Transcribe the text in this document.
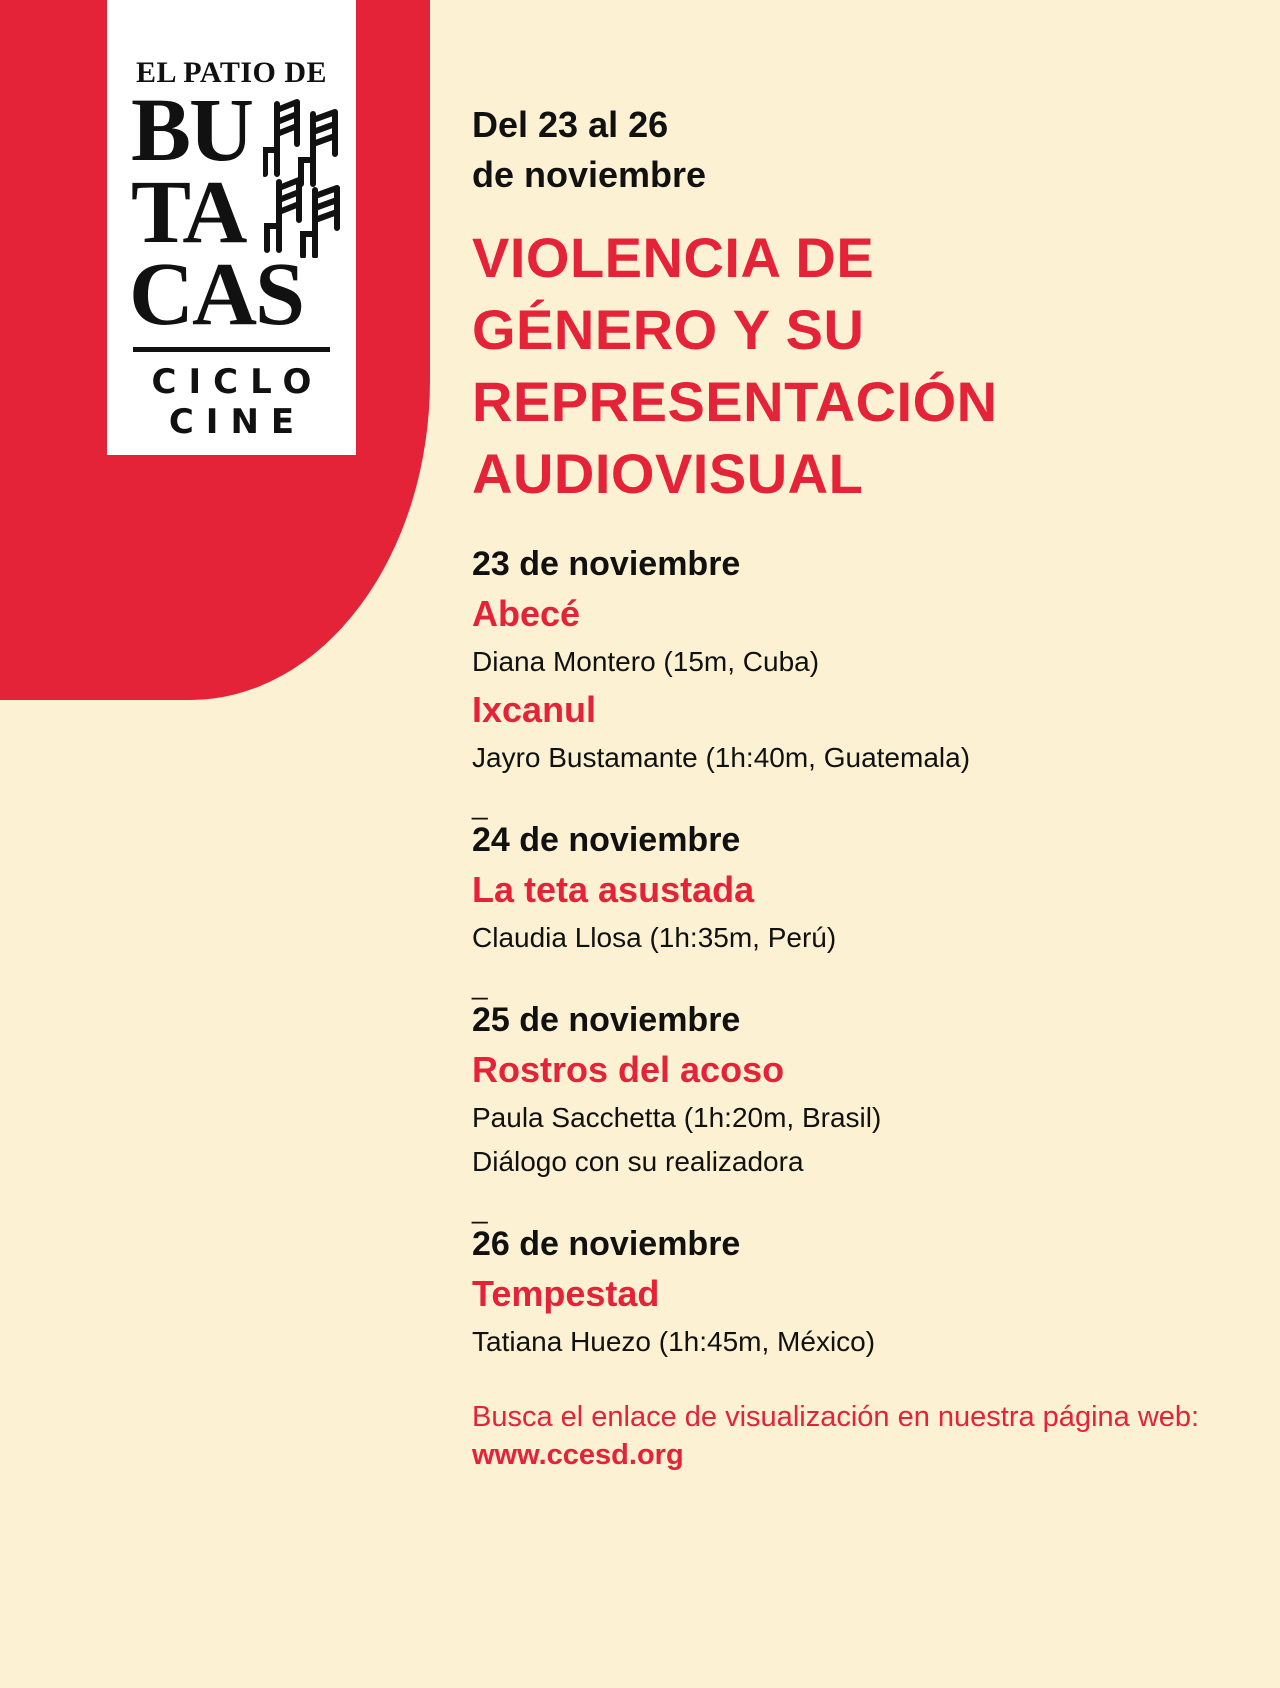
EL PATIO DE
BU
TA
CAS
CICLO
CINE
Del 23 al 26
de noviembre
VIOLENCIA DE
GÉNERO Y SU
REPRESENTACIÓN
AUDIOVISUAL
23 de noviembre
Abecé
Diana Montero (15m, Cuba)
Ixcanul
Jayro Bustamante (1h:40m, Guatemala)
_
24 de noviembre
La teta asustada
Claudia Llosa (1h:35m, Perú)
_
25 de noviembre
Rostros del acoso
Paula Sacchetta (1h:20m, Brasil)
Diálogo con su realizadora
_
26 de noviembre
Tempestad
Tatiana Huezo (1h:45m, México)
Busca el enlace de visualización en nuestra página web:
www.ccesd.org
